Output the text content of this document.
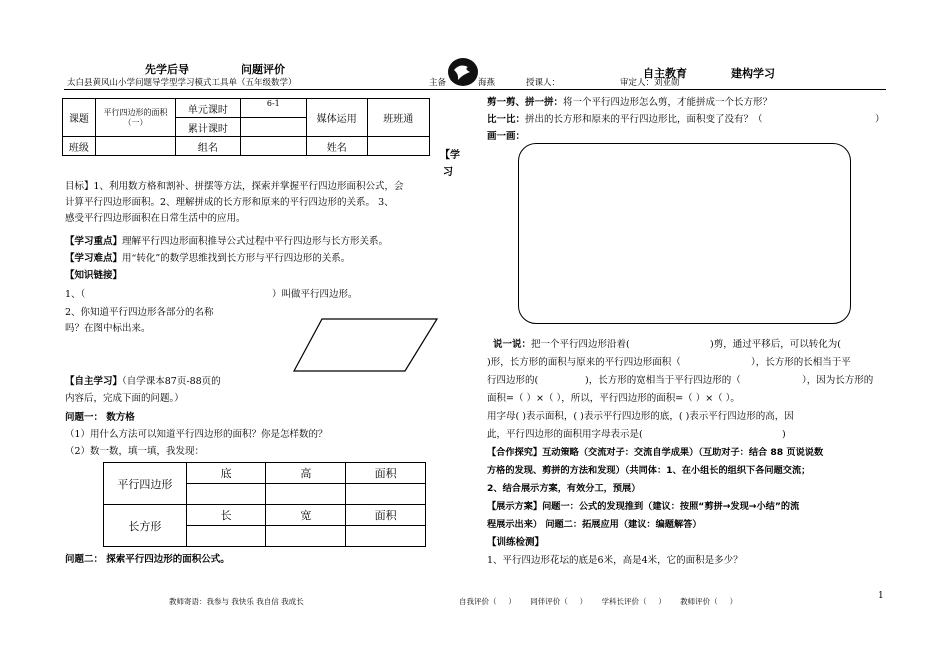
先学后导	问题评价	自主教育	建构学习
太白县黄风山小学问题导学型学习模式工具单（五年级数学）	主备	海燕	授课人：	审定人：刘亚勋
课题	平行四边形的面积（一）	单元课时	6-1	媒体运用	班班通
		累计课时			
班级		组名		姓名	
【学
习
目标】1、利用数方格和割补、拼摆等方法，探索并掌握平行四边形面积公式，会
计算平行四边形面积。2、理解拼成的长方形和原来的平行四边形的关系。 3、
感受平行四边形面积在日常生活中的应用。
【学习重点】理解平行四边形面积推导公式过程中平行四边形与长方形关系。
【学习难点】用“转化”的数学思维找到长方形与平行四边形的关系。
【知识链接】
1、（	）叫做平行四边形。
2、你知道平行四边形各部分的名称
吗？在图中标出来。
【自主学习】（自学课本87页-88页的
内容后，完成下面的问题。）
问题一： 数方格
（1）用什么方法可以知道平行四边形的面积？你是怎样数的？
（2）数一数，填一填，我发现：
平行四边形	底	高	面积

长方形	长	宽	面积

问题二： 探索平行四边形的面积公式。
剪一剪、拼一拼：将一个平行四边形怎么剪，才能拼成一个长方形？
比一比：拼出的长方形和原来的平行四边形比，面积变了没有？（	）
画一画：
说一说：把一个平行四边形沿着(	)剪，通过平移后，可以转化为(
)形，长方形的面积与原来的平行四边形面积（	），长方形的长相当于平
行四边形的(	)，长方形的宽相当于平行四边形的（	），因为长方形的
面积=（ ）×（ ），所以，平行四边形的面积=（ ）×（ ）。
用字母( )表示面积，( )表示平行四边形的底，( )表示平行四边形的高，因
此，平行四边形的面积用字母表示是(	)
【合作探究】互动策略（交流对子：交流自学成果）（互助对子：结合 88 页说说数
方格的发现、剪拼的方法和发现）（共同体：1、在小组长的组织下各问题交流；
2、结合展示方案，有效分工，预展）
【展示方案】问题一：公式的发现推到（建议：按照“剪拼→发现→小结”的流
程展示出来） 问题二：拓展应用（建议：编题解答）
【训练检测】
1、平行四边形花坛的底是6米，高是4米，它的面积是多少？
教师寄语：我参与 我快乐 我自信 我成长	自我评价（     ）      同伴评价（     ）      学科长评价（     ）      教师评价（     ）
1
